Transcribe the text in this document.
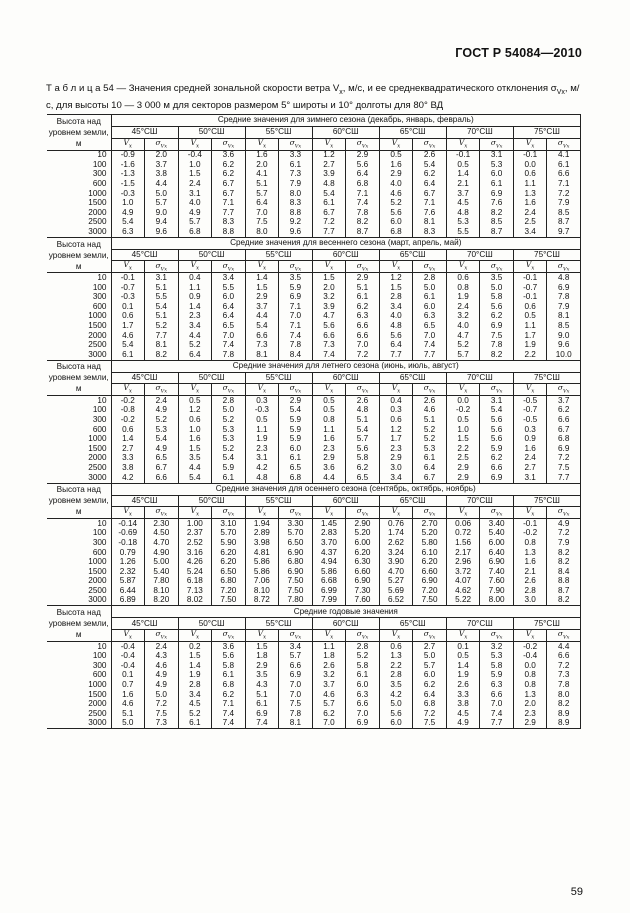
ГОСТ Р 54084—2010
Т а б л и ц а 54 — Значения средней зональной скорости ветра $V_x$, м/с, и ее среднеквадратического отклонения $\sigma_{Vx}$, м/с, для высоты 10 — 3 000 м для секторов размером 5° широты и 10° долготы для 80° ВД
Высота над уровнем земли, м	Средние значения для зимнего сезона (декабрь, январь, февраль)													
	45°СШ		50°СШ		55°СШ		60°СШ		65°СШ		70°СШ		75°СШ	
	$V_x$	$\sigma_{Vx}$	$V_x$	$\sigma_{Vx}$	$V_x$	$\sigma_{Vx}$	$V_x$	$\sigma_{Vx}$	$V_x$	$\sigma_{Vx}$	$V_x$	$\sigma_{Vx}$	$V_x$	$\sigma_{Vx}$
10	-0.9	2.0	-0.4	3.6	1.6	3.3	1.2	2.9	0.5	2.6	-0.1	3.1	-0.1	4.1
100	-1.6	3.7	1.0	6.2	2.0	6.1	2.7	5.6	1.6	5.4	0.5	5.3	0.0	6.1
300	-1.3	3.8	1.5	6.2	4.1	7.3	3.9	6.4	2.9	6.2	1.4	6.0	0.6	6.6
600	-1.5	4.4	2.4	6.7	5.1	7.9	4.8	6.8	4.0	6.4	2.1	6.1	1.1	7.1
1000	-0.3	5.0	3.1	6.7	5.7	8.0	5.4	7.1	4.6	6.7	3.7	6.9	1.3	7.2
1500	1.0	5.7	4.0	7.1	6.4	8.3	6.1	7.4	5.2	7.1	4.5	7.6	1.6	7.9
2000	4.9	9.0	4.9	7.7	7.0	8.8	6.7	7.8	5.6	7.6	4.8	8.2	2.4	8.5
2500	5.4	9.4	5.7	8.3	7.5	9.2	7.2	8.2	6.0	8.1	5.3	8.5	2.5	8.7
3000	6.3	9.6	6.8	8.8	8.0	9.6	7.7	8.7	6.8	8.3	5.5	8.7	3.4	9.7
Высота над уровнем земли, м	Средние значения для весеннего сезона (март, апрель, май)													
	45°СШ		50°СШ		55°СШ		60°СШ		65°СШ		70°СШ		75°СШ	
	$V_x$	$\sigma_{Vx}$	$V_x$	$\sigma_{Vx}$	$V_x$	$\sigma_{Vx}$	$V_x$	$\sigma_{Vx}$	$V_x$	$\sigma_{Vx}$	$V_x$	$\sigma_{Vx}$	$V_x$	$\sigma_{Vx}$
10	-0.1	3.1	0.4	3.4	1.4	3.5	1.5	2.9	1.2	2.8	0.6	3.5	-0.1	4.8
100	-0.7	5.1	1.1	5.5	1.5	5.9	2.0	5.1	1.5	5.0	0.8	5.0	-0.7	6.9
300	-0.3	5.5	0.9	6.0	2.9	6.9	3.2	6.1	2.8	6.1	1.9	5.8	-0.1	7.8
600	0.1	5.4	1.4	6.4	3.7	7.1	3.9	6.2	3.4	6.0	2.4	5.6	0.6	7.9
1000	0.6	5.1	2.3	6.4	4.4	7.0	4.7	6.3	4.0	6.3	3.2	6.2	0.5	8.1
1500	1.7	5.2	3.4	6.5	5.4	7.1	5.6	6.6	4.8	6.5	4.0	6.9	1.1	8.5
2000	4.6	7.7	4.4	7.0	6.6	7.4	6.6	6.6	5.6	7.0	4.7	7.5	1.7	9.0
2500	5.4	8.1	5.2	7.4	7.3	7.8	7.3	7.0	6.4	7.4	5.2	7.8	1.9	9.6
3000	6.1	8.2	6.4	7.8	8.1	8.4	7.4	7.2	7.7	7.7	5.7	8.2	2.2	10.0
Высота над уровнем земли, м	Средние значения для летнего сезона (июнь, июль, август)													
	45°СШ		50°СШ		55°СШ		60°СШ		65°СШ		70°СШ		75°СШ	
	$V_x$	$\sigma_{Vx}$	$V_x$	$\sigma_{Vx}$	$V_x$	$\sigma_{Vx}$	$V_x$	$\sigma_{Vx}$	$V_x$	$\sigma_{Vx}$	$V_x$	$\sigma_{Vx}$	$V_x$	$\sigma_{Vx}$
10	-0.2	2.4	0.5	2.8	0.3	2.9	0.5	2.6	0.4	2.6	0.0	3.1	-0.5	3.7
100	-0.8	4.9	1.2	5.0	-0.3	5.4	0.5	4.8	0.3	4.6	-0.2	5.4	-0.7	6.2
300	-0.2	5.2	0.6	5.2	0.5	5.9	0.8	5.1	0.6	5.1	0.5	5.6	-0.5	6.6
600	0.6	5.3	1.0	5.3	1.1	5.9	1.1	5.4	1.2	5.2	1.0	5.6	0.3	6.7
1000	1.4	5.4	1.6	5.3	1.9	5.9	1.6	5.7	1.7	5.2	1.5	5.6	0.9	6.8
1500	2.7	4.9	1.5	5.2	2.3	6.0	2.3	5.6	2.3	5.3	2.2	5.9	1.6	6.9
2000	3.3	6.5	3.5	5.4	3.1	6.1	2.9	5.8	2.9	6.1	2.5	6.2	2.4	7.2
2500	3.8	6.7	4.4	5.9	4.2	6.5	3.6	6.2	3.0	6.4	2.9	6.6	2.7	7.5
3000	4.2	6.6	5.4	6.1	4.8	6.8	4.4	6.5	3.4	6.7	2.9	6.9	3.1	7.7
Высота над уровнем земли, м	Средние значения для осеннего сезона (сентябрь, октябрь, ноябрь)													
	45°СШ		50°СШ		55°СШ		60°СШ		65°СШ		70°СШ		75°СШ	
	$V_x$	$\sigma_{Vx}$	$V_x$	$\sigma_{Vx}$	$V_x$	$\sigma_{Vx}$	$V_x$	$\sigma_{Vx}$	$V_x$	$\sigma_{Vx}$	$V_x$	$\sigma_{Vx}$	$V_x$	$\sigma_{Vx}$
10	-0.14	2.30	1.00	3.10	1.94	3.30	1.45	2.90	0.76	2.70	0.06	3.40	-0.1	4.9
100	-0.69	4.50	2.37	5.70	2.89	5.70	2.83	5.20	1.74	5.20	0.72	5.40	-0.2	7.2
300	-0.18	4.70	2.52	5.90	3.98	6.50	3.70	6.00	2.62	5.80	1.56	6.00	0.8	7.9
600	0.79	4.90	3.16	6.20	4.81	6.90	4.37	6.20	3.24	6.10	2.17	6.40	1.3	8.2
1000	1.26	5.00	4.26	6.20	5.86	6.80	4.94	6.30	3.90	6.20	2.96	6.90	1.6	8.2
1500	2.32	5.40	5.24	6.50	5.86	6.90	5.86	6.60	4.70	6.60	3.72	7.40	2.1	8.4
2000	5.87	7.80	6.18	6.80	7.06	7.50	6.68	6.90	5.27	6.90	4.07	7.60	2.6	8.8
2500	6.44	8.10	7.13	7.20	8.10	7.50	6.99	7.30	5.69	7.20	4.62	7.90	2.8	8.7
3000	6.89	8.20	8.02	7.50	8.72	7.80	7.99	7.60	6.52	7.50	5.22	8.00	3.0	8.2
Высота над уровнем земли, м	Средние годовые значения													
	45°СШ		50°СШ		55°СШ		60°СШ		65°СШ		70°СШ		75°СШ	
	$V_x$	$\sigma_{Vx}$	$V_x$	$\sigma_{Vx}$	$V_x$	$\sigma_{Vx}$	$V_x$	$\sigma_{Vx}$	$V_x$	$\sigma_{Vx}$	$V_x$	$\sigma_{Vx}$	$V_x$	$\sigma_{Vx}$
10	-0.4	2.4	0.2	3.6	1.5	3.4	1.1	2.8	0.6	2.7	0.1	3.2	-0.2	4.4
100	-0.4	4.3	1.5	5.6	1.8	5.7	1.8	5.2	1.3	5.0	0.5	5.3	-0.4	6.6
300	-0.4	4.6	1.4	5.8	2.9	6.6	2.6	5.8	2.2	5.7	1.4	5.8	0.0	7.2
600	0.1	4.9	1.9	6.1	3.5	6.9	3.2	6.1	2.8	6.0	1.9	5.9	0.8	7.3
1000	0.7	4.9	2.8	6.8	4.3	7.0	3.7	6.0	3.5	6.2	2.6	6.3	0.8	7.8
1500	1.6	5.0	3.4	6.2	5.1	7.0	4.6	6.3	4.2	6.4	3.3	6.6	1.3	8.0
2000	4.6	7.2	4.5	7.1	6.1	7.5	5.7	6.6	5.0	6.8	3.8	7.0	2.0	8.2
2500	5.1	7.5	5.2	7.4	6.9	7.8	6.2	7.0	5.6	7.2	4.5	7.4	2.3	8.9
3000	5.0	7.3	6.1	7.4	7.4	8.1	7.0	6.9	6.0	7.5	4.9	7.7	2.9	8.9
59
